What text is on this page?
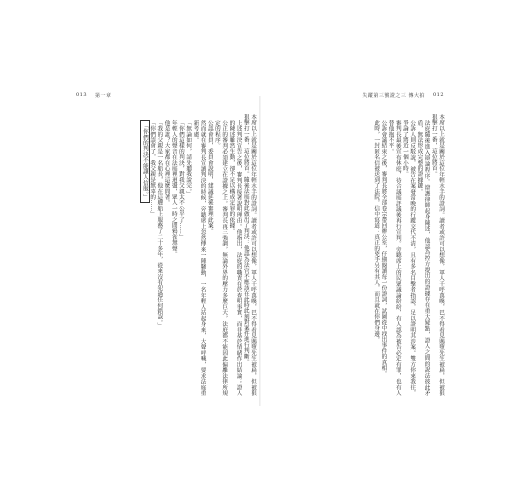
013 第一章	失蹤第三號證之三 傳大拍 012

本席以上就是關於這位年輕水手的證詞。讀者或許可以想像，軍人千呼萬喚，巴不得看見賜墮先生被扁，但被狠狠擊打一番，這位將首。隨後法庭對此做出了判決：他認為法官不應該在此時此刻對案件進行判斷。

上述判決宣告之後，審判長接著說明理由。他指出，法庭的職責在於查明事實，而非基於情緒作出結論；證人的陳述雖然生動，卻不足以構成定罪的依據。

公正的審判必須建立在證據之上。審判長再三強調，無論外界的壓力多麼巨大，法庭都不能因此偏離法律所規定的程序。

公認會員，委員會說明，建議延後審理此案。

然而就在審判長宣讀判決的時候，旁聽席上忽然傳來一陣騷動，一名年輕人站起身來，大聲呼喊，要求法庭重新考慮。

「無論如何，請先聽我說完。」

「你們這樣的判決，對我父親太不公平了……」

年輕人的聲音在法庭裡迴盪，眾人一時之間鴉雀無聲。

他是誰？大家都在心裡這麼問著。

「我的父親是一名船長，他在這艘船上服務了二十多年，從來沒有犯過任何錯誤。」

「你們誤會了，我父親是無辜的……」

「你們的判決不能讓人信服。」	本席以上就是關於這位年輕水手的證詞。讀者或許可以想像，軍人千呼萬喚，巴不得看見賜墮先生被扁，但被狠狠擊打一番，這位將首。

法庭隨後進入辯論程序。辯護律師起身陳述，他認為控方提出的證據存在重大疑點，證人之間的說法彼此矛盾，無法形成完整的證據鏈。

公訴人則反駁說，被告在案發當晚的行蹤交代不清，且有多名目擊者指認，足以證明其涉案。雙方你來我往，爭論了將近一個小時。

審判長最後宣布休庭，待合議庭評議後再行宣判。旁聽席上的民眾議論紛紛，有人認為被告必定有罪，也有人替他抱不平。

公訴會議結束之後，審判長將全部卷宗帶回辦公室，仔細閱讀每一份證詞，試圖從中找出事件的真相。

此時，一封匿名信被送到了法院。信中寫道：真正的兇手另有其人，而且就在你們身邊。
